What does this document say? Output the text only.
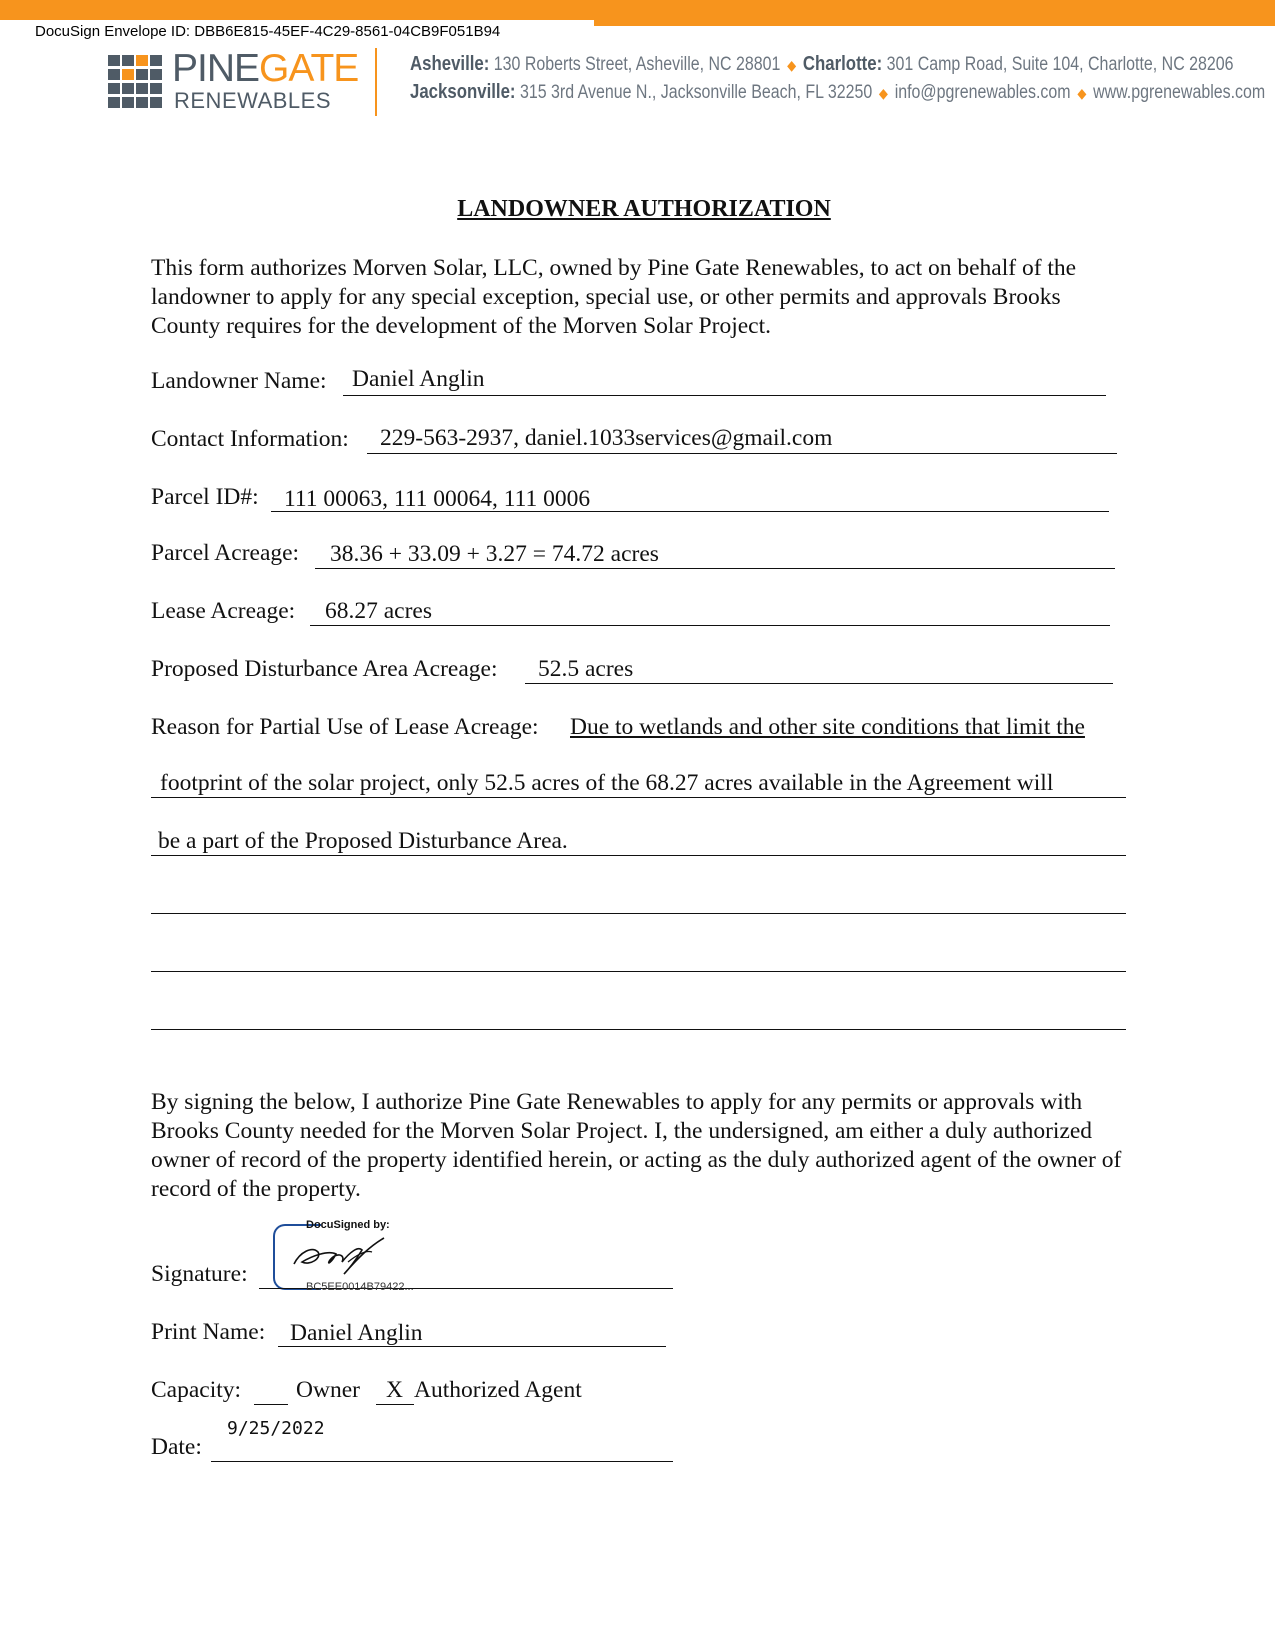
DocuSign Envelope ID: DBB6E815-45EF-4C29-8561-04CB9F051B94
PINEGATE
RENEWABLES
Asheville: 130 Roberts Street, Asheville, NC 28801 ◆ Charlotte: 301 Camp Road, Suite 104, Charlotte, NC 28206
Jacksonville: 315 3rd Avenue N., Jacksonville Beach, FL 32250 ◆ info@pgrenewables.com ◆ www.pgrenewables.com
LANDOWNER AUTHORIZATION
This form authorizes Morven Solar, LLC, owned by Pine Gate Renewables, to act on behalf of the landowner to apply for any special exception, special use, or other permits and approvals Brooks County requires for the development of the Morven Solar Project.
Landowner Name: Daniel Anglin
Contact Information: 229-563-2937, daniel.1033services@gmail.com
Parcel ID#: 111 00063, 111 00064, 111 0006
Parcel Acreage: 38.36 + 33.09 + 3.27 = 74.72 acres
Lease Acreage: 68.27 acres
Proposed Disturbance Area Acreage: 52.5 acres
Reason for Partial Use of Lease Acreage: Due to wetlands and other site conditions that limit the
footprint of the solar project, only 52.5 acres of the 68.27 acres available in the Agreement will
be a part of the Proposed Disturbance Area.
By signing the below, I authorize Pine Gate Renewables to apply for any permits or approvals with Brooks County needed for the Morven Solar Project. I, the undersigned, am either a duly authorized owner of record of the property identified herein, or acting as the duly authorized agent of the owner of record of the property.
Signature:
DocuSigned by:
BC5EE0014B79422...
Print Name: Daniel Anglin
Capacity: Owner X Authorized Agent
Date:
9/25/2022
